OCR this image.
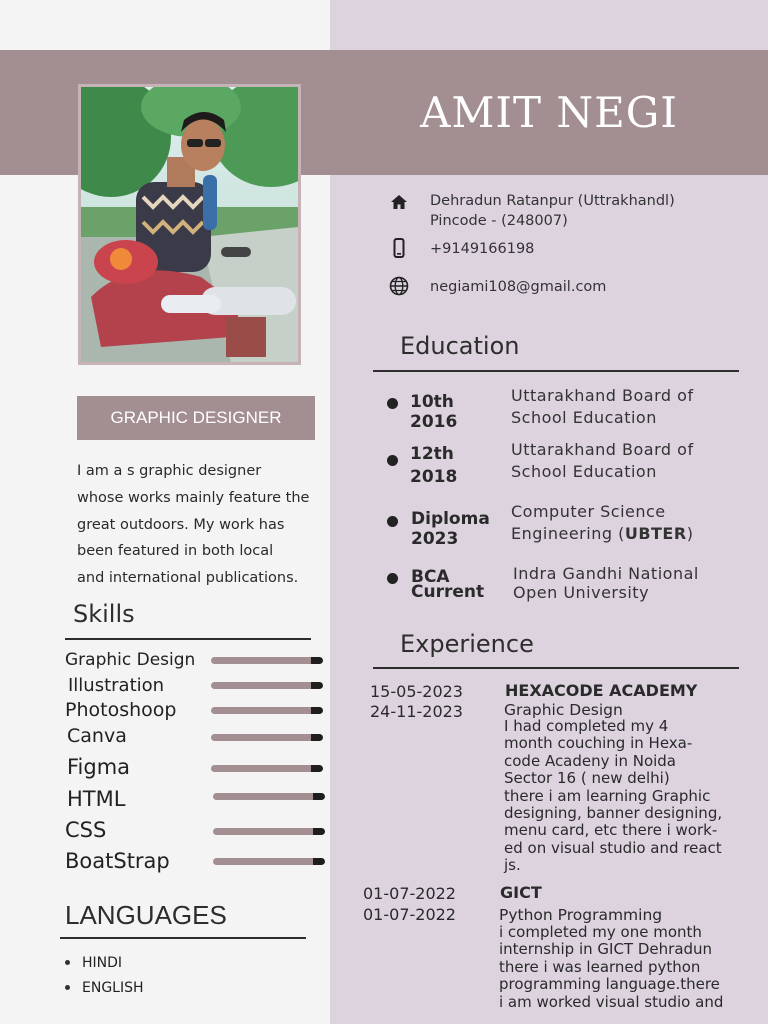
AMIT NEGI
GRAPHIC DESIGNER
I am a s graphic designer
whose works mainly feature the
great outdoors. My work has
been featured in both local
and international publications.
Skills
Graphic Design
Illustration
Photoshoop
Canva
Figma
HTML
CSS
BoatStrap
LANGUAGES
HINDI
ENGLISH
Dehradun Ratanpur (Uttrakhandl)
Pincode - (248007)
+9149166198
negiami108@gmail.com
Education
10th
2016
Uttarakhand Board of
School Education
12th
2018
Uttarakhand Board of
School Education
Diploma
2023
Computer Science
Engineering (UBTER)
BCA
Current
Indra Gandhi National
Open University
Experience
15-05-2023
24-11-2023
HEXACODE ACADEMY
Graphic Design
I had completed my 4
month couching in Hexa-
code Acadeny in Noida
Sector 16 ( new delhi)
there i am learning Graphic
designing, banner designing,
menu card, etc there i work-
ed on visual studio and react
js.
01-07-2022
01-07-2022
GICT
Python Programming
i completed my one month
internship in GICT Dehradun
there i was learned python
programming language.there
i am worked visual studio and
